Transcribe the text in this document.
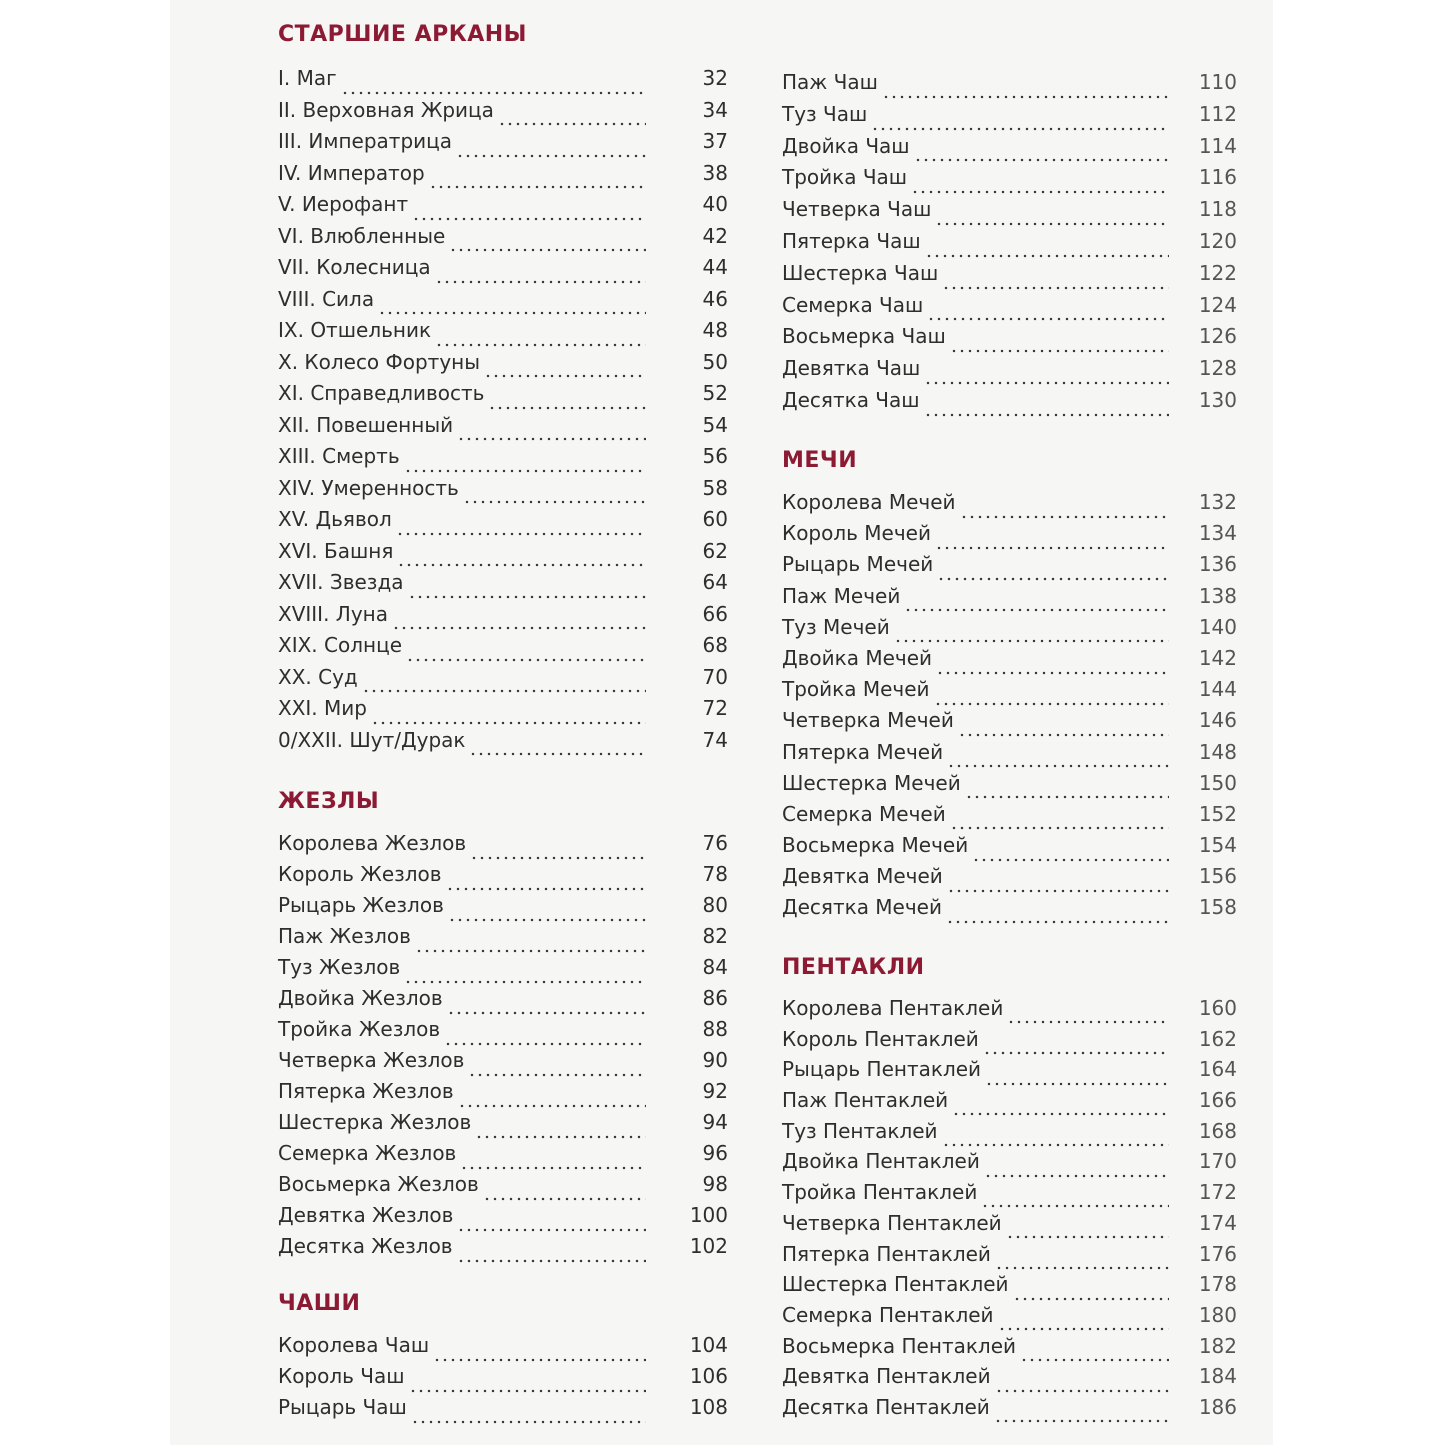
СТАРШИЕ АРКАНЫ
I. Маг	32
II. Верховная Жрица	34
III. Императрица	37
IV. Император	38
V. Иерофант	40
VI. Влюбленные	42
VII. Колесница	44
VIII. Сила	46
IX. Отшельник	48
X. Колесо Фортуны	50
XI. Справедливость	52
XII. Повешенный	54
XIII. Смерть	56
XIV. Умеренность	58
XV. Дьявол	60
XVI. Башня	62
XVII. Звезда	64
XVIII. Луна	66
XIX. Солнце	68
XX. Суд	70
XXI. Мир	72
0/XXII. Шут/Дурак	74
ЖЕЗЛЫ
Королева Жезлов	76
Король Жезлов	78
Рыцарь Жезлов	80
Паж Жезлов	82
Туз Жезлов	84
Двойка Жезлов	86
Тройка Жезлов	88
Четверка Жезлов	90
Пятерка Жезлов	92
Шестерка Жезлов	94
Семерка Жезлов	96
Восьмерка Жезлов	98
Девятка Жезлов	100
Десятка Жезлов	102
ЧАШИ
Королева Чаш	104
Король Чаш	106
Рыцарь Чаш	108
Паж Чаш	110
Туз Чаш	112
Двойка Чаш	114
Тройка Чаш	116
Четверка Чаш	118
Пятерка Чаш	120
Шестерка Чаш	122
Семерка Чаш	124
Восьмерка Чаш	126
Девятка Чаш	128
Десятка Чаш	130
МЕЧИ
Королева Мечей	132
Король Мечей	134
Рыцарь Мечей	136
Паж Мечей	138
Туз Мечей	140
Двойка Мечей	142
Тройка Мечей	144
Четверка Мечей	146
Пятерка Мечей	148
Шестерка Мечей	150
Семерка Мечей	152
Восьмерка Мечей	154
Девятка Мечей	156
Десятка Мечей	158
ПЕНТАКЛИ
Королева Пентаклей	160
Король Пентаклей	162
Рыцарь Пентаклей	164
Паж Пентаклей	166
Туз Пентаклей	168
Двойка Пентаклей	170
Тройка Пентаклей	172
Четверка Пентаклей	174
Пятерка Пентаклей	176
Шестерка Пентаклей	178
Семерка Пентаклей	180
Восьмерка Пентаклей	182
Девятка Пентаклей	184
Десятка Пентаклей	186
